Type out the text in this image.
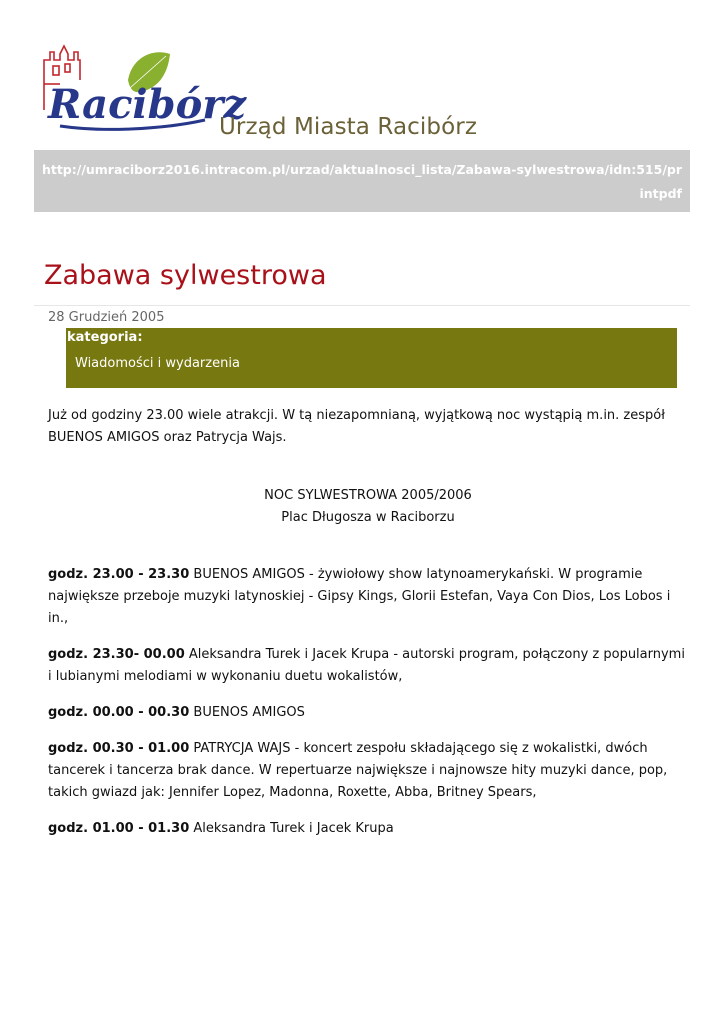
Racibórz
Urząd Miasta Racibórz
http://umraciborz2016.intracom.pl/urzad/aktualnosci_lista/Zabawa-sylwestrowa/idn:515/printpdf
Zabawa sylwestrowa
28 Grudzień 2005
kategoria:
Wiadomości i wydarzenia

Już od godziny 23.00 wiele atrakcji. W tą niezapomnianą, wyjątkową noc wystąpią m.in. zespół BUENOS AMIGOS oraz Patrycja Wajs.

NOC SYLWESTROWA 2005/2006
Plac Długosza w Raciborzu

godz. 23.00 - 23.30 BUENOS AMIGOS - żywiołowy show latynoamerykański. W programie największe przeboje muzyki latynoskiej - Gipsy Kings, Glorii Estefan, Vaya Con Dios, Los Lobos i in.,

godz. 23.30- 00.00 Aleksandra Turek i Jacek Krupa - autorski program, połączony z popularnymi i lubianymi melodiami w wykonaniu duetu wokalistów,

godz. 00.00 - 00.30 BUENOS AMIGOS

godz. 00.30 - 01.00 PATRYCJA WAJS - koncert zespołu składającego się z wokalistki, dwóch tancerek i tancerza brak dance. W repertuarze największe i najnowsze hity muzyki dance, pop, takich gwiazd jak: Jennifer Lopez, Madonna, Roxette, Abba, Britney Spears,

godz. 01.00 - 01.30 Aleksandra Turek i Jacek Krupa
